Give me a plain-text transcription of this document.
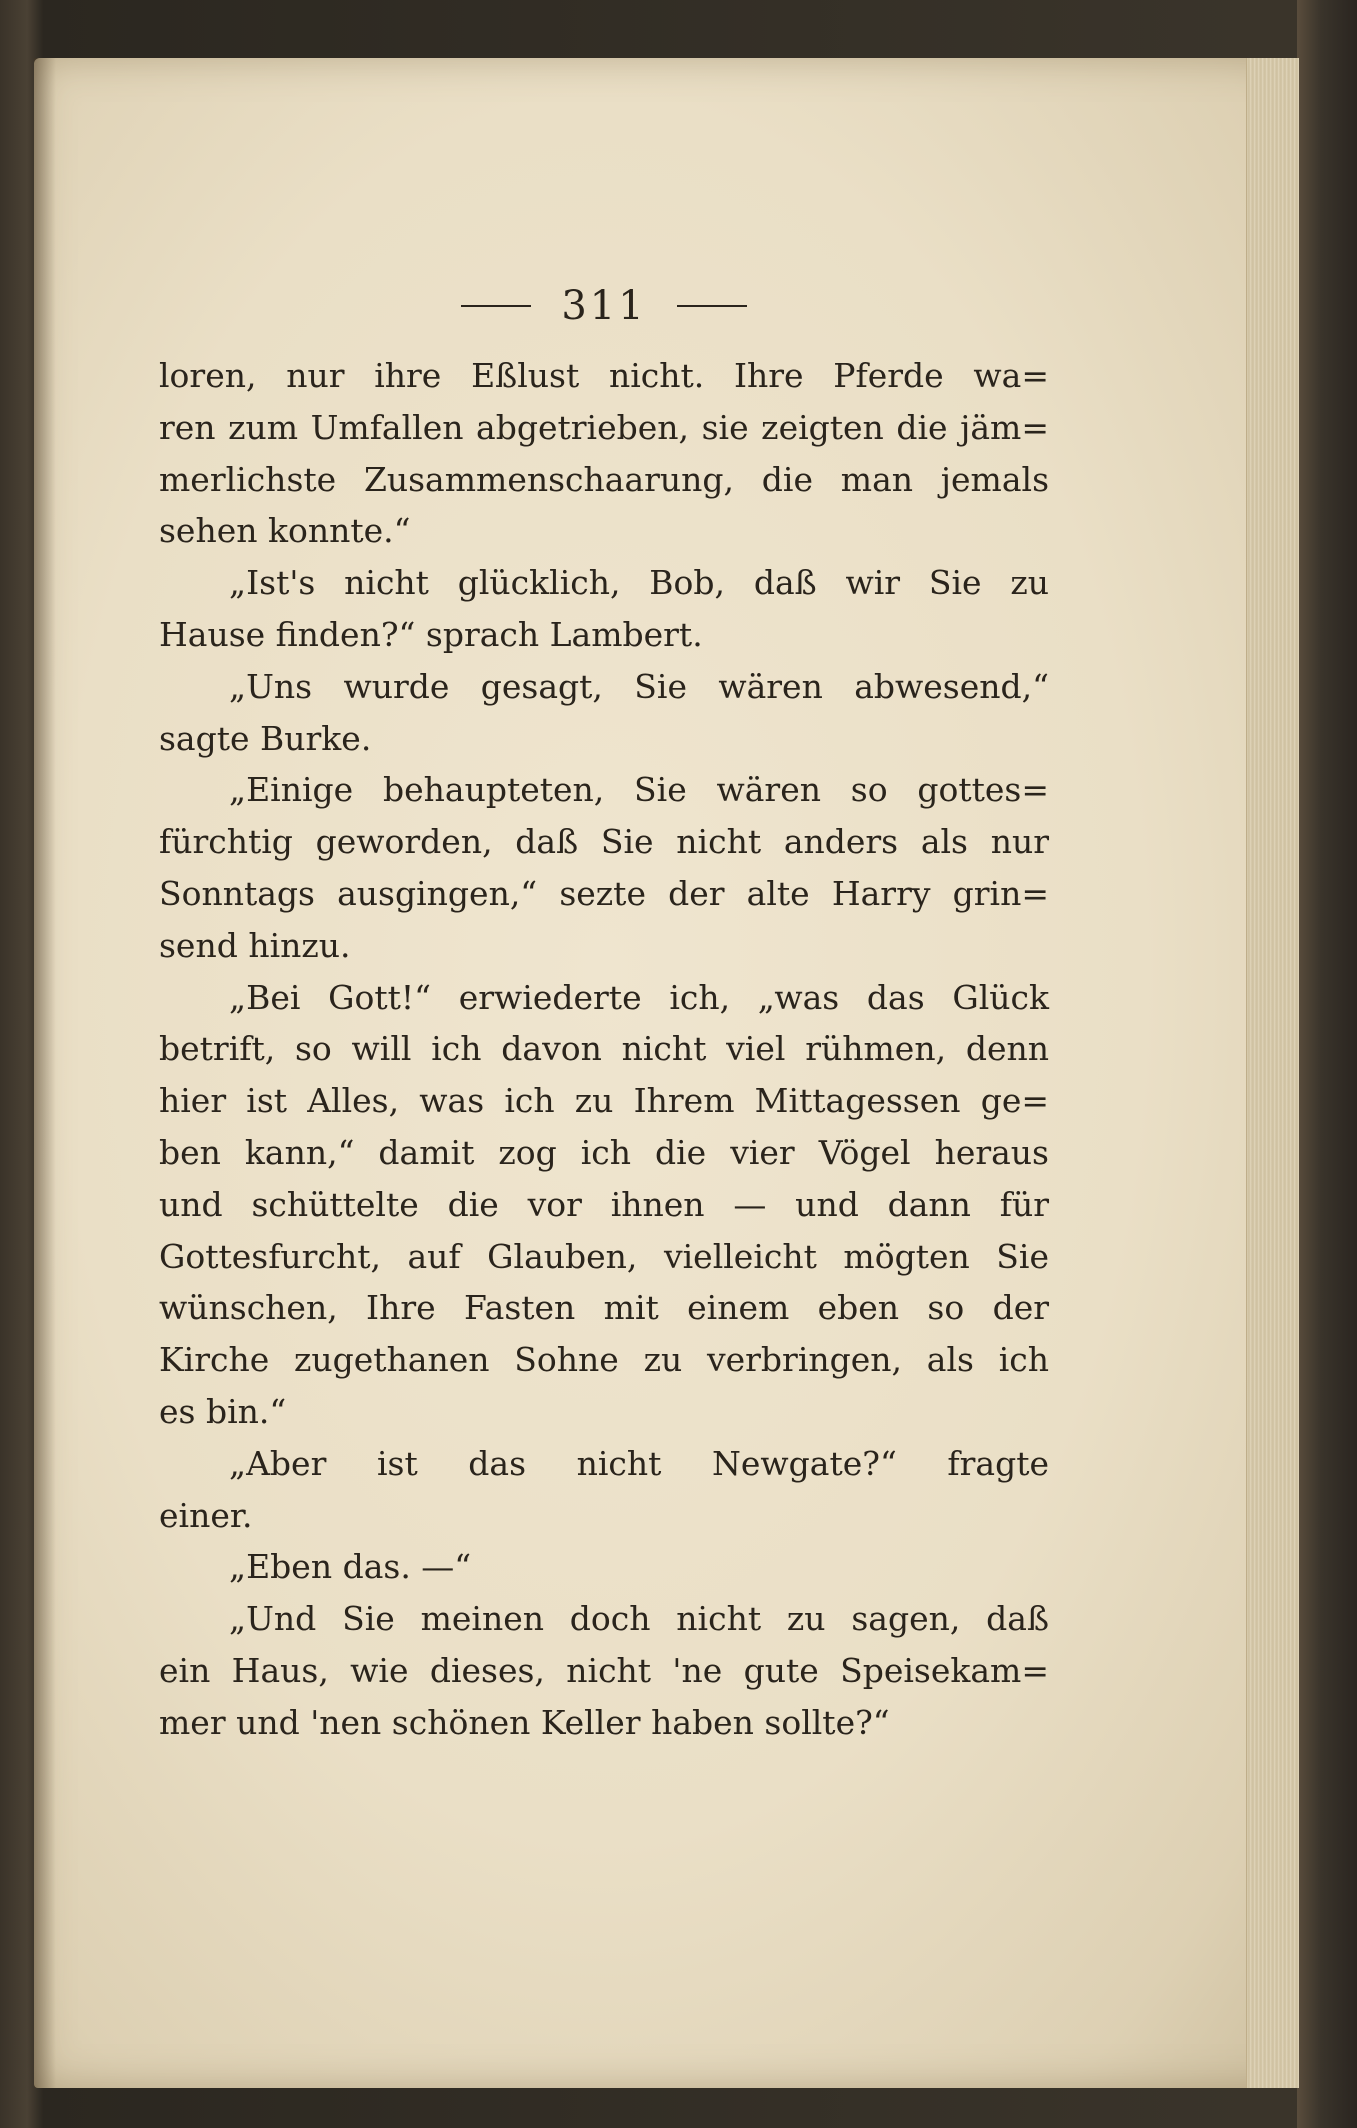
311
loren, nur ihre Eßlust nicht. Ihre Pferde wa=
ren zum Umfallen abgetrieben, sie zeigten die jäm=
merlichste Zusammenschaarung, die man jemals
sehen konnte.“
„Ist's nicht glücklich, Bob, daß wir Sie zu
Hause finden?“ sprach Lambert.
„Uns wurde gesagt, Sie wären abwesend,“
sagte Burke.
„Einige behaupteten, Sie wären so gottes=
fürchtig geworden, daß Sie nicht anders als nur
Sonntags ausgingen,“ sezte der alte Harry grin=
send hinzu.
„Bei Gott!“ erwiederte ich, „was das Glück
betrift, so will ich davon nicht viel rühmen, denn
hier ist Alles, was ich zu Ihrem Mittagessen ge=
ben kann,“ damit zog ich die vier Vögel heraus
und schüttelte die vor ihnen — und dann für
Gottesfurcht, auf Glauben, vielleicht mögten Sie
wünschen, Ihre Fasten mit einem eben so der
Kirche zugethanen Sohne zu verbringen, als ich
es bin.“
„Aber ist das nicht Newgate?“ fragte
einer.
„Eben das. —“
„Und Sie meinen doch nicht zu sagen, daß
ein Haus, wie dieses, nicht 'ne gute Speisekam=
mer und 'nen schönen Keller haben sollte?“
